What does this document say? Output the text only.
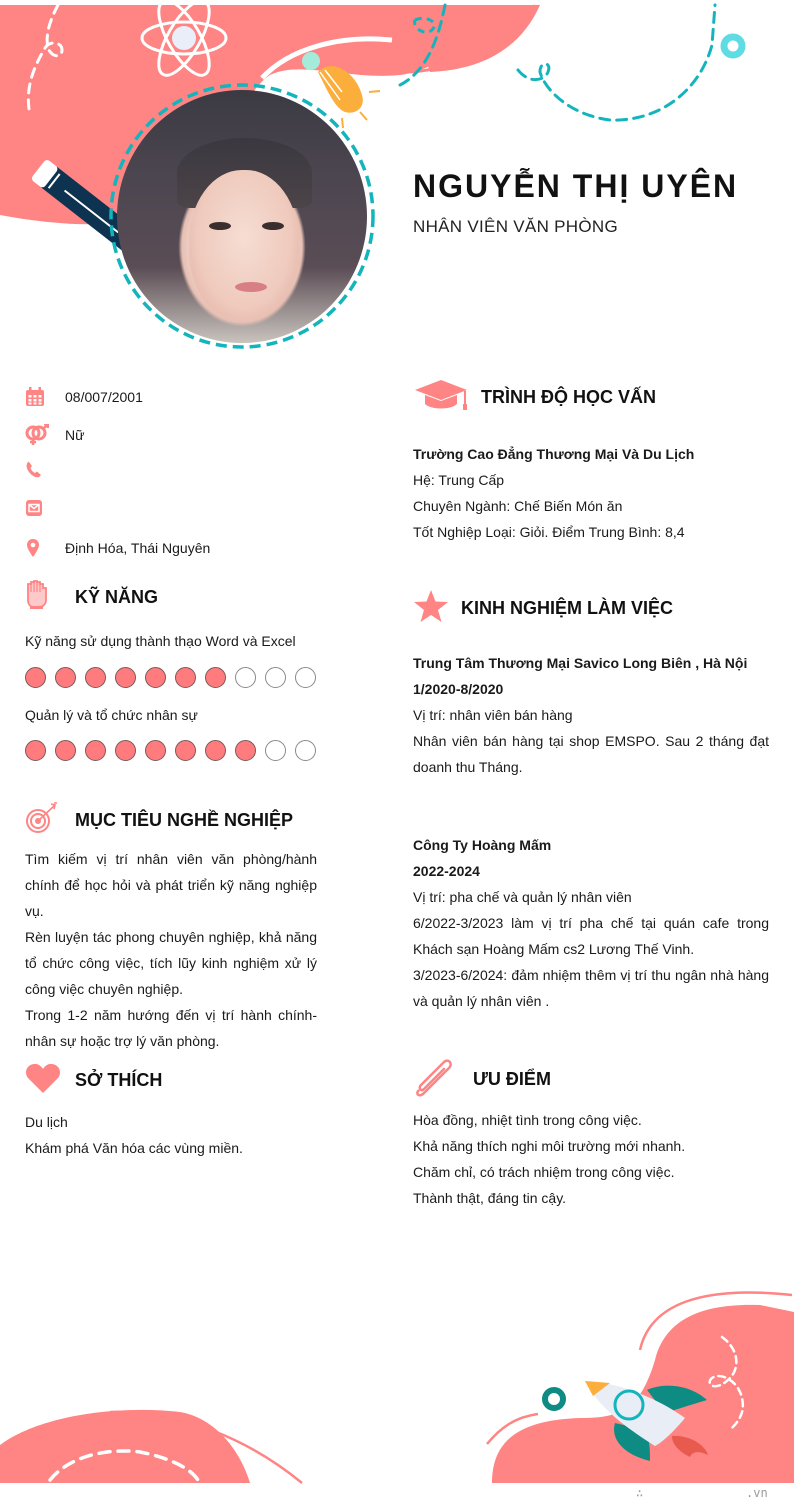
NGUYỄN THỊ UYÊN
NHÂN VIÊN VĂN PHÒNG
08/007/2001
Nữ
Định Hóa, Thái Nguyên
KỸ NĂNG
Kỹ năng sử dụng thành thạo Word và Excel
Quản lý và tổ chức nhân sự
MỤC TIÊU NGHỀ NGHIỆP

Tìm kiếm vị trí nhân viên văn phòng/hành chính để học hỏi và phát triển kỹ năng nghiệp vụ.

Rèn luyện tác phong chuyên nghiệp, khả năng tổ chức công việc, tích lũy kinh nghiệm xử lý công việc chuyên nghiệp.

Trong 1-2 năm hướng đến vị trí hành chính-nhân sự hoặc trợ lý văn phòng.

SỞ THÍCH

Du lịch

Khám phá Văn hóa các vùng miền.

TRÌNH ĐỘ HỌC VẤN

Trường Cao Đẳng Thương Mại Và Du Lịch

Hệ: Trung Cấp

Chuyên Ngành: Chế Biến Món ăn

Tốt Nghiệp Loại: Giỏi. Điểm Trung Bình: 8,4

KINH NGHIỆM LÀM VIỆC

Trung Tâm Thương Mại Savico Long Biên , Hà Nội

1/2020-8/2020

Vị trí: nhân viên bán hàng

Nhân viên bán hàng tại shop EMSPO. Sau 2 tháng đạt doanh thu Tháng.

Công Ty Hoàng Mấm

2022-2024

Vị trí: pha chế và quản lý nhân viên

6/2022-3/2023 làm vị trí pha chế tại quán cafe trong Khách sạn Hoàng Mấm cs2 Lương Thế Vinh.

3/2023-6/2024: đảm nhiệm thêm vị trí thu ngân nhà hàng và quản lý nhân viên .

ƯU ĐIỂM

Hòa đồng, nhiệt tình trong công việc.

Khả năng thích nghi môi trường mới nhanh.

Chăm chỉ, có trách nhiệm trong công việc.

Thành thật, đáng tin cậy.

∴	.vn
